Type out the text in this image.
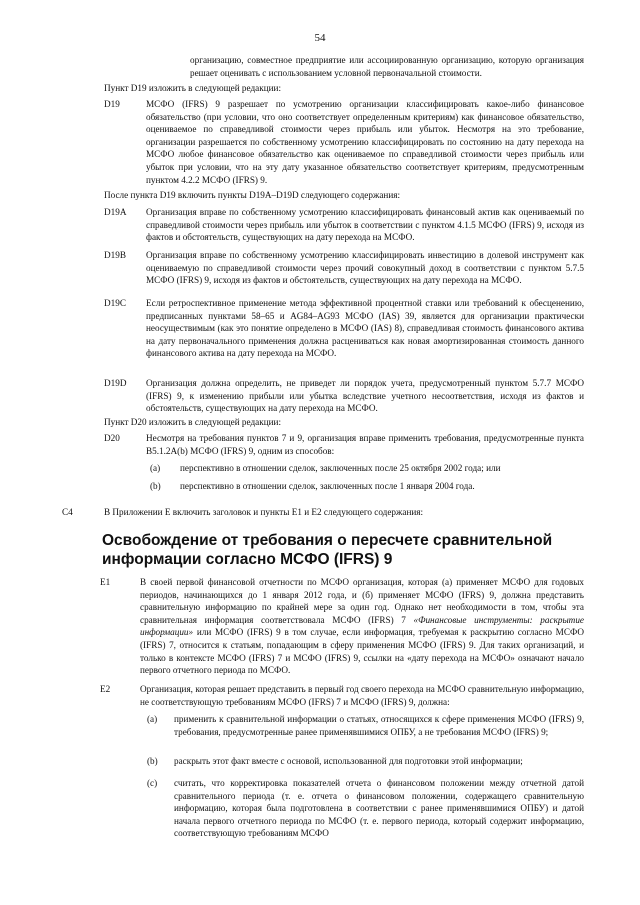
54
организацию, совместное предприятие или ассоциированную организацию, которую организация решает оценивать с использованием условной первоначальной стоимости.
Пункт D19 изложить в следующей редакции:
D19	МСФО (IFRS) 9 разрешает по усмотрению организации классифицировать какое-либо финансовое обязательство (при условии, что оно соответствует определенным критериям) как финансовое обязательство, оцениваемое по справедливой стоимости через прибыль или убыток. Несмотря на это требование, организации разрешается по собственному усмотрению классифицировать по состоянию на дату перехода на МСФО любое финансовое обязательство как оцениваемое по справедливой стоимости через прибыль или убыток при условии, что на эту дату указанное обязательство соответствует критериям, предусмотренным пунктом 4.2.2 МСФО (IFRS) 9.
После пункта D19 включить пункты D19A–D19D следующего содержания:
D19A Организация вправе по собственному усмотрению классифицировать финансовый актив как оцениваемый по справедливой стоимости через прибыль или убыток в соответствии с пунктом 4.1.5 МСФО (IFRS) 9, исходя из фактов и обстоятельств, существующих на дату перехода на МСФО.
D19B Организация вправе по собственному усмотрению классифицировать инвестицию в долевой инструмент как оцениваемую по справедливой стоимости через прочий совокупный доход в соответствии с пунктом 5.7.5 МСФО (IFRS) 9, исходя из фактов и обстоятельств, существующих на дату перехода на МСФО.
D19C Если ретроспективное применение метода эффективной процентной ставки или требований к обесценению, предписанных пунктами 58–65 и AG84–AG93 МСФО (IAS) 39, является для организации практически неосуществимым (как это понятие определено в МСФО (IAS) 8), справедливая стоимость финансового актива на дату первоначального применения должна расцениваться как новая амортизированная стоимость данного финансового актива на дату перехода на МСФО.
D19D Организация должна определить, не приведет ли порядок учета, предусмотренный пунктом 5.7.7 МСФО (IFRS) 9, к изменению прибыли или убытка вследствие учетного несоответствия, исходя из фактов и обстоятельств, существующих на дату перехода на МСФО.
Пункт D20 изложить в следующей редакции:
D20	Несмотря на требования пунктов 7 и 9, организация вправе применить требования, предусмотренные пункта B5.1.2A(b) МСФО (IFRS) 9, одним из способов:
(a) перспективно в отношении сделок, заключенных после 25 октября 2002 года; или
(b) перспективно в отношении сделок, заключенных после 1 января 2004 года.
C4	В Приложении Е включить заголовок и пункты E1 и E2 следующего содержания:
Освобождение от требования о пересчете сравнительной информации согласно МСФО (IFRS) 9
E1	В своей первой финансовой отчетности по МСФО организация, которая (а) применяет МСФО для годовых периодов, начинающихся до 1 января 2012 года, и (б) применяет МСФО (IFRS) 9, должна представить сравнительную информацию по крайней мере за один год. Однако нет необходимости в том, чтобы эта сравнительная информация соответствовала МСФО (IFRS) 7 «Финансовые инструменты: раскрытие информации» или МСФО (IFRS) 9 в том случае, если информация, требуемая к раскрытию согласно МСФО (IFRS) 7, относится к статьям, попадающим в сферу применения МСФО (IFRS) 9. Для таких организаций, и только в контексте МСФО (IFRS) 7 и МСФО (IFRS) 9, ссылки на «дату перехода на МСФО» означают начало первого отчетного периода по МСФО.
E2	Организация, которая решает представить в первый год своего перехода на МСФО сравнительную информацию, не соответствующую требованиям МСФО (IFRS) 7 и МСФО (IFRS) 9, должна:
(a) применить к сравнительной информации о статьях, относящихся к сфере применения МСФО (IFRS) 9, требования, предусмотренные ранее применявшимися ОПБУ, а не требования МСФО (IFRS) 9;
(b) раскрыть этот факт вместе с основой, использованной для подготовки этой информации;
(c) считать, что корректировка показателей отчета о финансовом положении между отчетной датой сравнительного периода (т. е. отчета о финансовом положении, содержащего сравнительную информацию, которая была подготовлена в соответствии с ранее применявшимися ОПБУ) и датой начала первого отчетного периода по МСФО (т. е. первого периода, который содержит информацию, соответствующую требованиям МСФО
